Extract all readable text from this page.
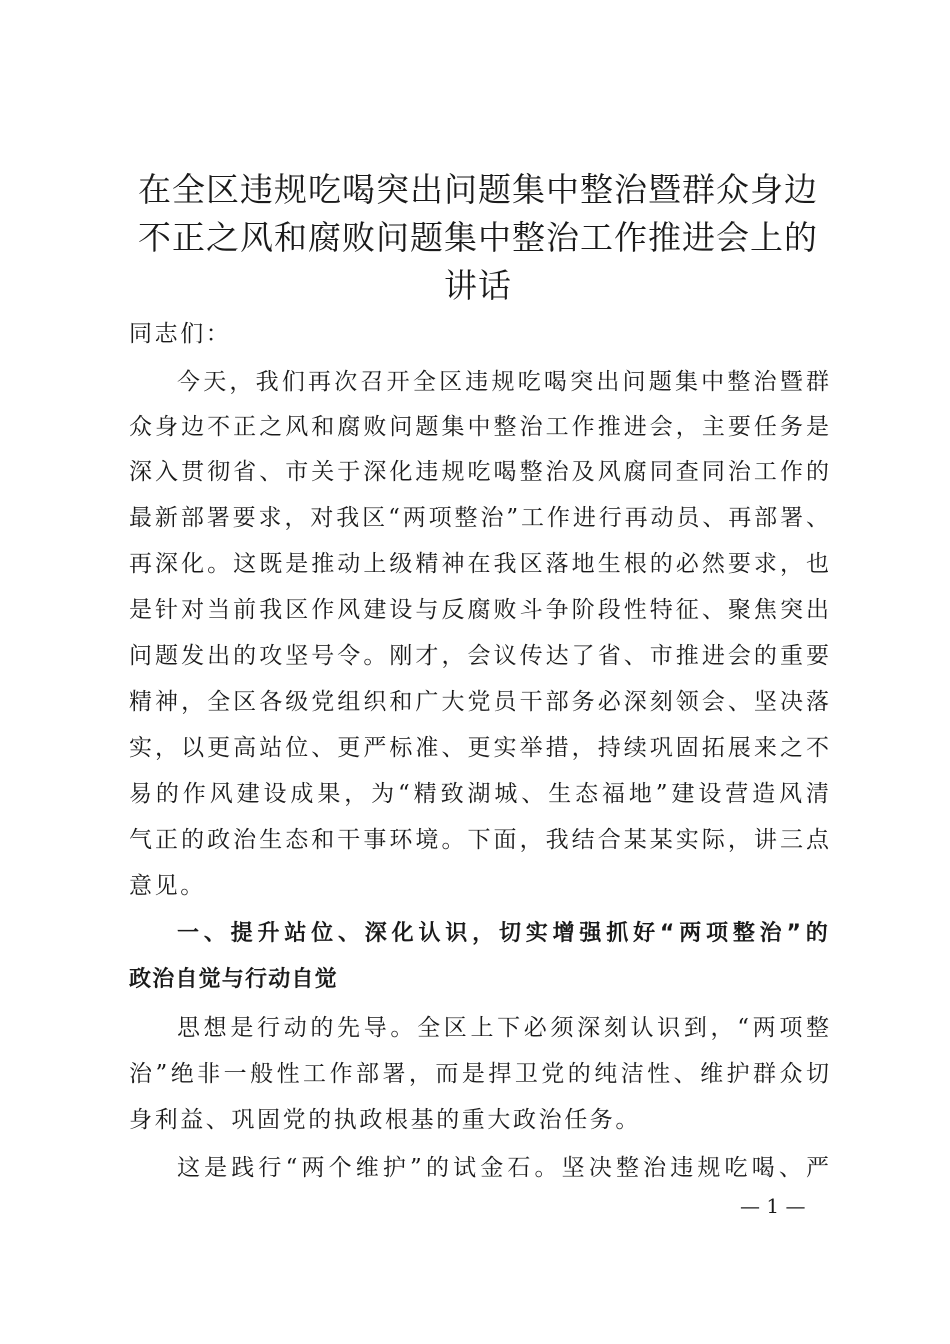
在全区违规吃喝突出问题集中整治暨群众身边
不正之风和腐败问题集中整治工作推进会上的
讲话
同志们：
今天，我们再次召开全区违规吃喝突出问题集中整治暨群
众身边不正之风和腐败问题集中整治工作推进会，主要任务是
深入贯彻省、市关于深化违规吃喝整治及风腐同查同治工作的
最新部署要求，对我区“两项整治”工作进行再动员、再部署、
再深化。这既是推动上级精神在我区落地生根的必然要求，也
是针对当前我区作风建设与反腐败斗争阶段性特征、聚焦突出
问题发出的攻坚号令。刚才，会议传达了省、市推进会的重要
精神，全区各级党组织和广大党员干部务必深刻领会、坚决落
实，以更高站位、更严标准、更实举措，持续巩固拓展来之不
易的作风建设成果，为“精致湖城、生态福地”建设营造风清
气正的政治生态和干事环境。下面，我结合某某实际，讲三点
意见。
一、提升站位、深化认识，切实增强抓好“两项整治”的
政治自觉与行动自觉
思想是行动的先导。全区上下必须深刻认识到，“两项整
治”绝非一般性工作部署，而是捍卫党的纯洁性、维护群众切
身利益、巩固党的执政根基的重大政治任务。
这是践行“两个维护”的试金石。坚决整治违规吃喝、严
— 1 —
